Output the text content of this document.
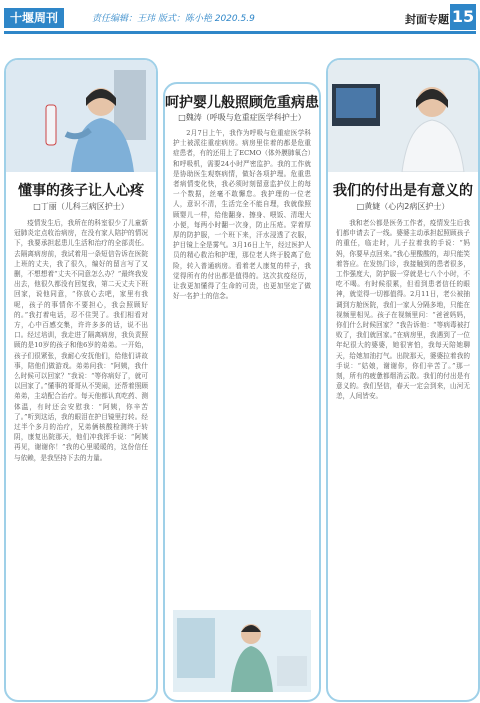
十堰周刊	责任编辑：王玮 版式：陈小艳 2020.5.9	封面专题 15
懂事的孩子让人心疼
□丁丽（儿科三病区护士）

疫情发生后，我所在的科室很少了儿童新冠肺炎定点收治病房，在没有家人陪护的情况下，我要承担起患儿生活和治疗的全部责任。去隔离病房前，我试着用一条短信告诉在医院上班的丈夫，我了很久，编好的留言写了又删，不想想着“丈夫不同意怎么办？”最终我发出去，他很久都没有回复我，第二天丈夫下班回家，说他同意，“你放心去吧，家里有我呢，孩子的事情你不要担心，我会照顾好的。”我打着电话，忍不住哭了。我们相看对方，心中百感交集，许许多多的话，说不出口。经过培训，我走进了隔离病房，我负责照顾的是10岁的孩子和他6岁的弟弟。一开始，孩子们很紧张，我耐心安抚他们，给他们讲故事，陪他们做游戏。弟弟问我：“阿姨，我什么时候可以回家？”我说：“等你病好了，就可以回家了。”懂事的哥哥从不哭闹，还帮着照顾弟弟，主动配合治疗。每天他都认真吃药、测体温，有时还会安慰我：“阿姨，你辛苦了。”听到这话，我的眼泪在护目镜里打转。经过半个多月的治疗，兄弟俩核酸检测终于转阴，康复出院那天，他们冲我挥手说：“阿姨再见，谢谢你！”我的心里暖暖的，这份信任与依赖，是我坚持下去的力量。

呵护婴儿般照顾危重病患
□魏涛（呼吸与危重症医学科护士）

2月7日上午，我作为呼吸与危重症医学科护士被派往重症病房。病房里住着的都是危重症患者，有的还用上了ECMO（体外膜肺氧合）和呼吸机，需要24小时严密监护。我的工作就是协助医生观察病情，做好各项护理。危重患者病情变化快，我必须时刻留意监护仪上的每一个数据，丝毫不敢懈怠。我护理的一位老人，意识不清，生活完全不能自理，我就像照顾婴儿一样，给他翻身、擦身、喂饭、清理大小便，每两小时翻一次身，防止压疮。穿着厚厚的防护服，一个班下来，汗水浸透了衣服，护目镜上全是雾气。3月16日上午，经过医护人员的精心救治和护理，那位老人终于脱离了危险，转入普通病房。看着老人康复的样子，我觉得所有的付出都是值得的。这次抗疫经历，让我更加懂得了生命的可贵，也更加坚定了做好一名护士的信念。

我们的付出是有意义的
□黄婕（心内2病区护士）

我和老公都是医务工作者，疫情发生后我们都申请去了一线。婆婆主动承担起照顾孩子的重任，临走时，儿子拉着我的手说：“妈妈，你要早点回来。”我心里酸酸的，却只能笑着答应。在发热门诊，我接触到的患者很多，工作强度大，防护服一穿就是七八个小时，不吃不喝。有时候很累，但看到患者信任的眼神，就觉得一切都值得。2月11日，老公被抽调到方舱医院，我们一家人分隔多地，只能在视频里相见。孩子在视频里问：“爸爸妈妈，你们什么时候回家？”我告诉他：“等病毒被打败了，我们就回家。”在病房里，我遇到了一位年纪很大的婆婆，她很害怕，我每天陪她聊天，给她加油打气。出院那天，婆婆拉着我的手说：“姑娘，谢谢你，你们辛苦了。”那一刻，所有的疲惫都烟消云散。我们的付出是有意义的。我们坚信，春天一定会到来，山河无恙，人间皆安。
